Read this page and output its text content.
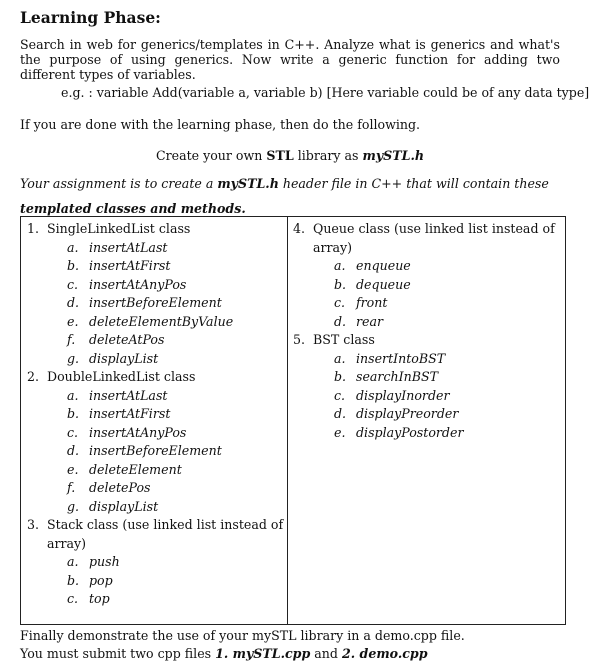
Learning Phase:
Search in web for generics/templates in C++. Analyze what is generics and what's the purpose of using generics. Now write a generic function for adding two different types of variables.
e.g. : variable Add(variable a, variable b) [Here variable could be of any data type]
If you are done with the learning phase, then do the following.
Create your own STL library as mySTL.h
Your assignment is to create a mySTL.h header file in C++ that will contain these templated classes and methods.
1. SingleLinkedList class
a. insertAtLast
b. insertAtFirst
c. insertAtAnyPos
d. insertBeforeElement
e. deleteElementByValue
f.	deleteAtPos
g. displayList
2. DoubleLinkedList class
a. insertAtLast
b. insertAtFirst
c. insertAtAnyPos
d. insertBeforeElement
e. deleteElement
f.	deletePos
g. displayList
3. Stack class (use linked list instead of array)
a. push
b. pop
c. top
4. Queue class (use linked list instead of array)
a. enqueue
b. dequeue
c. front
d. rear
5. BST class
a. insertIntoBST
b. searchInBST
c. displayInorder
d. displayPreorder
e. displayPostorder
Finally demonstrate the use of your mySTL library in a demo.cpp file.
You must submit two cpp files 1. mySTL.cpp and 2. demo.cpp
